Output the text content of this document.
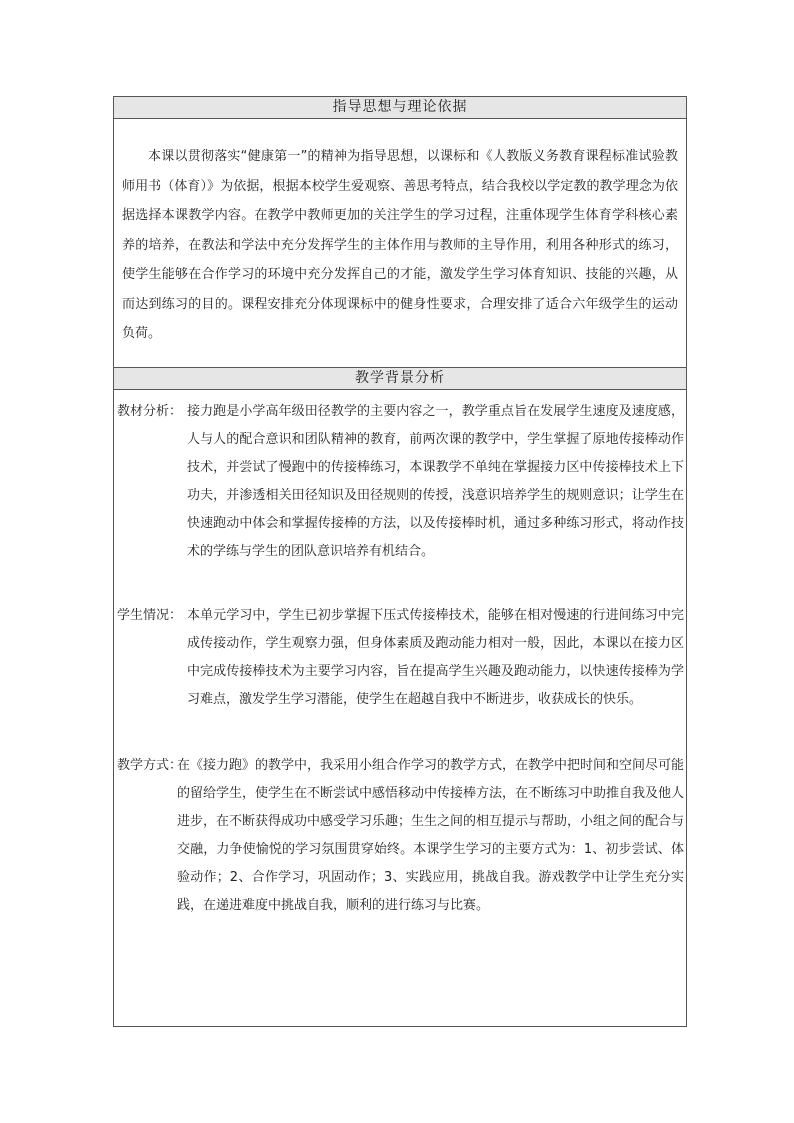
指导思想与理论依据

本课以贯彻落实“健康第一”的精神为指导思想，以课标和《人教版义务教育课程标准试验教师用书（体育）》为依据，根据本校学生爱观察、善思考特点，结合我校以学定教的教学理念为依据选择本课教学内容。在教学中教师更加的关注学生的学习过程，注重体现学生体育学科核心素养的培养，在教法和学法中充分发挥学生的主体作用与教师的主导作用，利用各种形式的练习，使学生能够在合作学习的环境中充分发挥自己的才能，激发学生学习体育知识、技能的兴趣，从而达到练习的目的。课程安排充分体现课标中的健身性要求，合理安排了适合六年级学生的运动负荷。

教学背景分析
教材分析： 接力跑是小学高年级田径教学的主要内容之一，教学重点旨在发展学生速度及速度感，人与人的配合意识和团队精神的教育，前两次课的教学中，学生掌握了原地传接棒动作技术，并尝试了慢跑中的传接棒练习，本课教学不单纯在掌握接力区中传接棒技术上下功夫，并渗透相关田径知识及田径规则的传授，浅意识培养学生的规则意识；让学生在快速跑动中体会和掌握传接棒的方法，以及传接棒时机，通过多种练习形式，将动作技术的学练与学生的团队意识培养有机结合。
学生情况： 本单元学习中，学生已初步掌握下压式传接棒技术，能够在相对慢速的行进间练习中完成传接动作，学生观察力强，但身体素质及跑动能力相对一般，因此，本课以在接力区中完成传接棒技术为主要学习内容，旨在提高学生兴趣及跑动能力，以快速传接棒为学习难点，激发学生学习潜能，使学生在超越自我中不断进步，收获成长的快乐。
教学方式：
在《接力跑》的教学中，我采用小组合作学习的教学方式，在教学中把时间和空间尽可能的留给学生，使学生在不断尝试中感悟移动中传接棒方法，在不断练习中助推自我及他人进步，在不断获得成功中感受学习乐趣；生生之间的相互提示与帮助，小组之间的配合与交融，力争使愉悦的学习氛围贯穿始终。本课学生学习的主要方式为：1、初步尝试、体验动作；2、合作学习，巩固动作；3、实践应用，挑战自我。游戏教学中让学生充分实践，在递进难度中挑战自我，顺利的进行练习与比赛。
